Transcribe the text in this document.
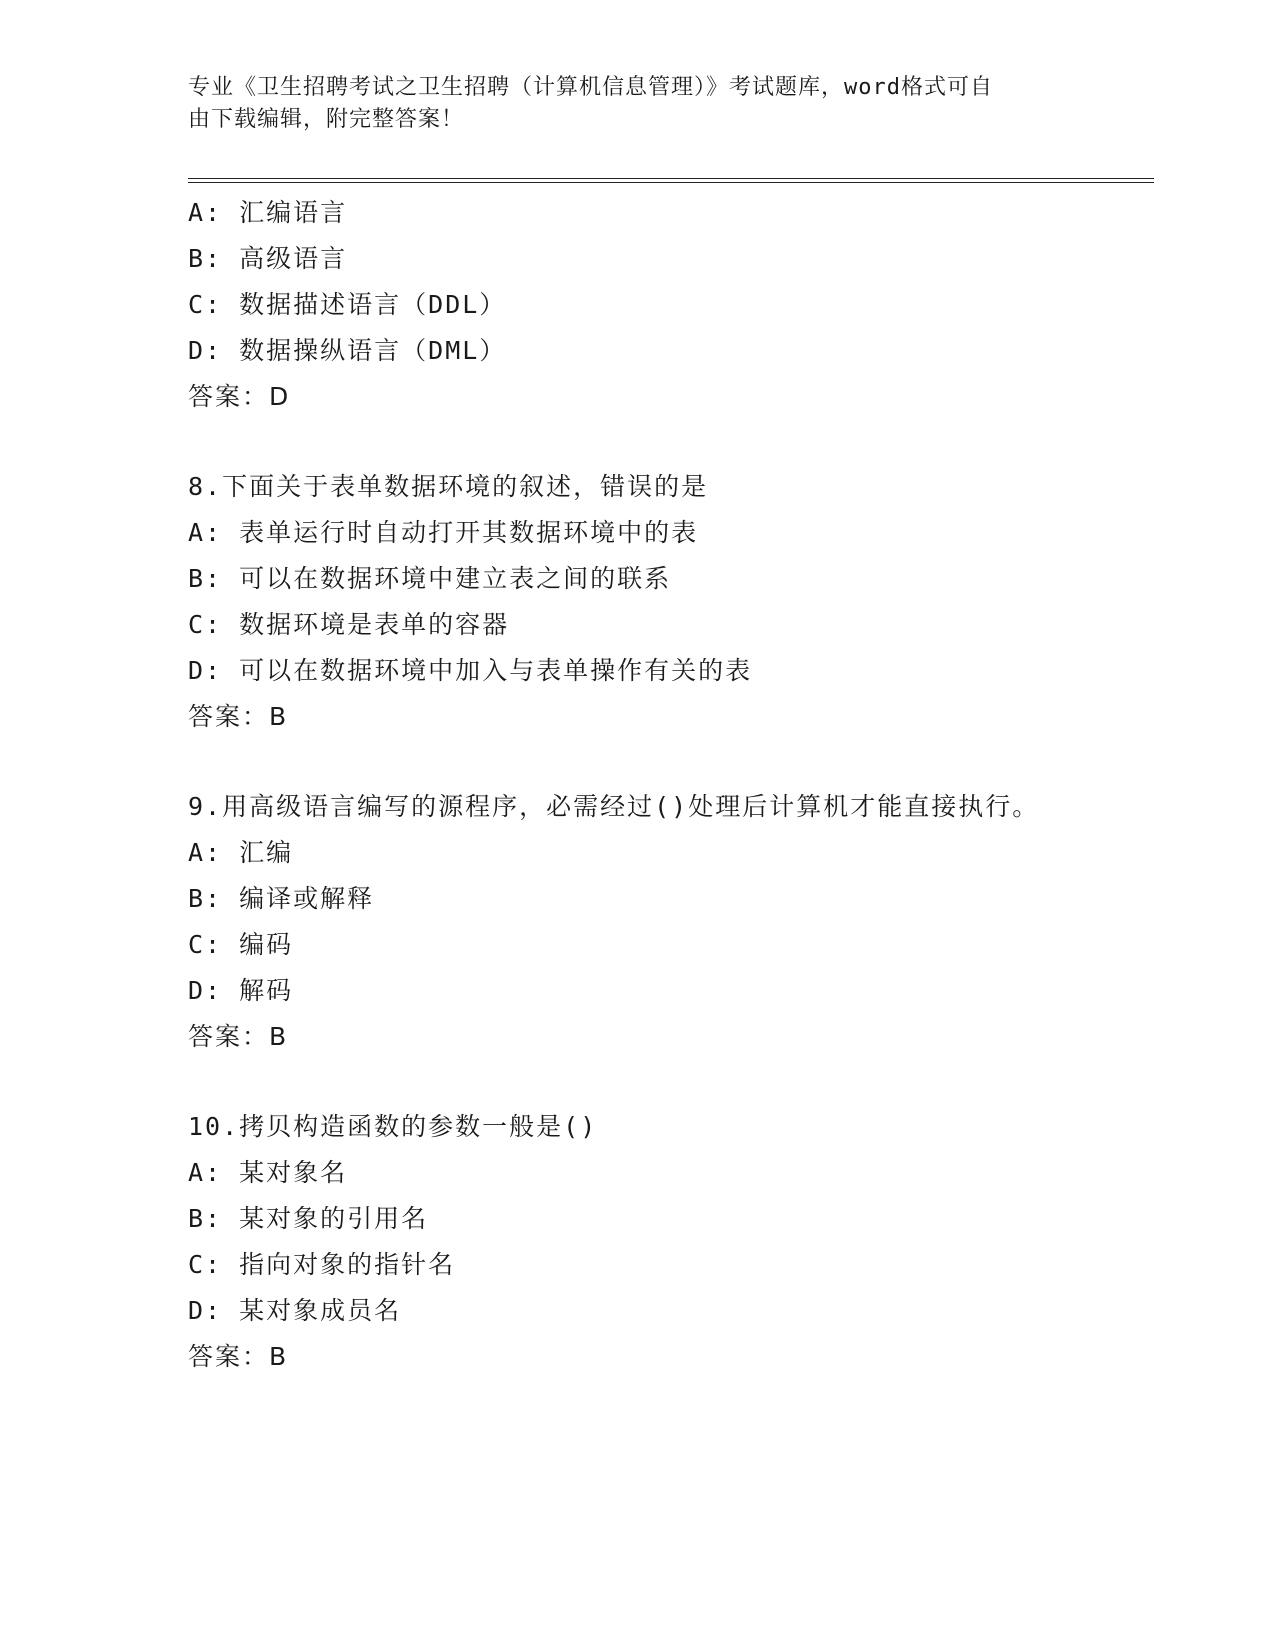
专业《卫生招聘考试之卫生招聘（计算机信息管理）》考试题库，word格式可自
由下载编辑，附完整答案！
A: 汇编语言
B: 高级语言
C: 数据描述语言（DDL）
D: 数据操纵语言（DML）
答案：D
8.下面关于表单数据环境的叙述，错误的是
A: 表单运行时自动打开其数据环境中的表
B: 可以在数据环境中建立表之间的联系
C: 数据环境是表单的容器
D: 可以在数据环境中加入与表单操作有关的表
答案：B
9.用高级语言编写的源程序，必需经过()处理后计算机才能直接执行。
A: 汇编
B: 编译或解释
C: 编码
D: 解码
答案：B
10.拷贝构造函数的参数一般是()
A: 某对象名
B: 某对象的引用名
C: 指向对象的指针名
D: 某对象成员名
答案：B
